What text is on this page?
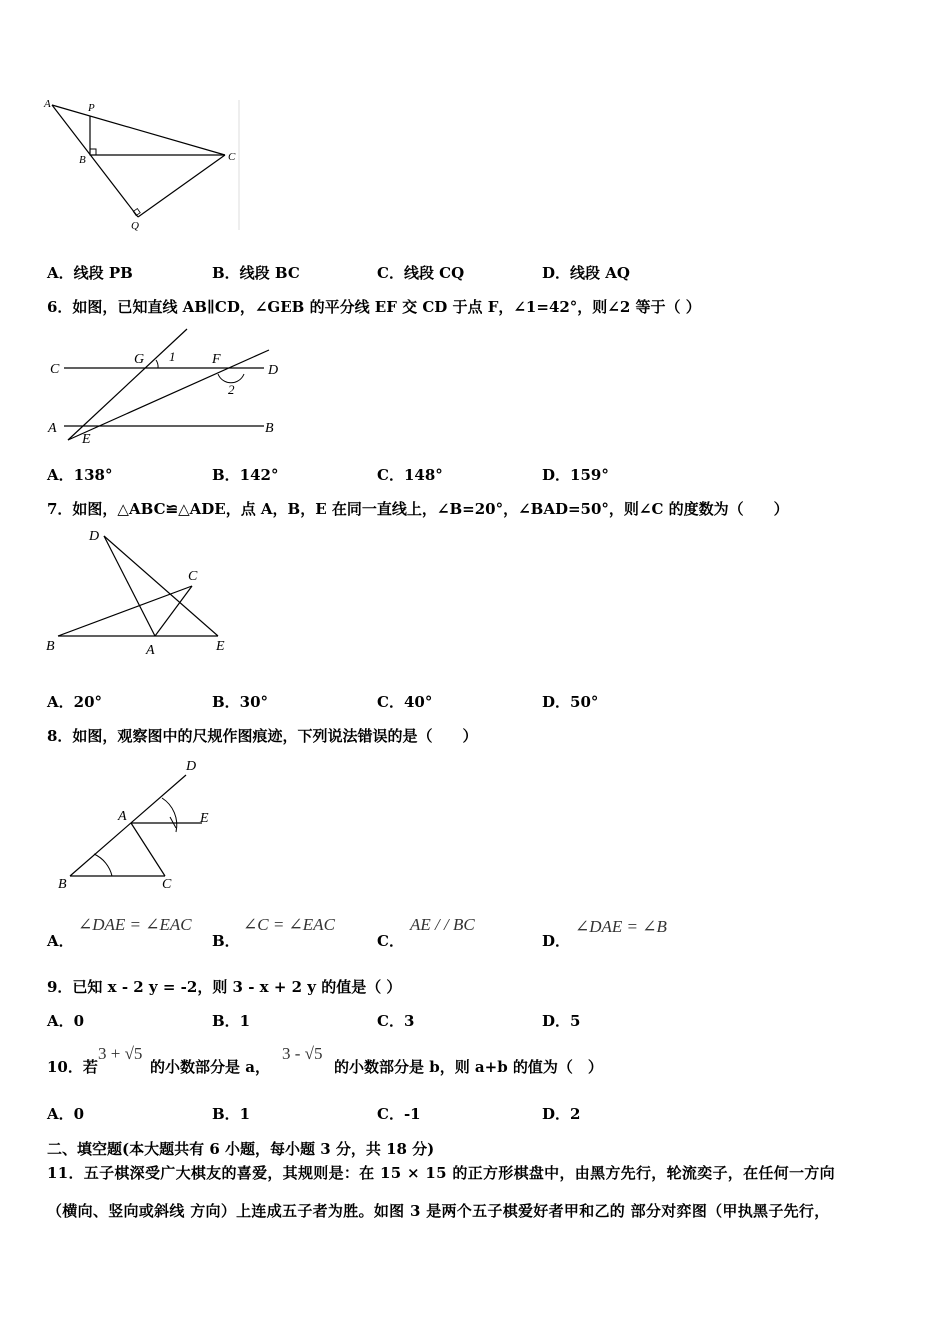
A	P
B	C
Q
A．线段 PB	B．线段 BC	C．线段 CQ	D．线段 AQ
6．如图，已知直线 AB∥CD，∠GEB 的平分线 EF 交 CD 于点 F，∠1=42°，则∠2 等于（ ）
C
G 1	F
D
2
A
E
B
A．138°	B．142°	C．148°	D．159°
7．如图，△ABC≌△ADE，点 A，B，E 在同一直线上，∠B=20°，∠BAD=50°，则∠C 的度数为（　　）
D
C
B	A	E
A．20°	B．30°	C．40°	D．50°
8．如图，观察图中的尺规作图痕迹，下列说法错误的是（　　）
D
A	E
B	C
A．
∠DAE = ∠EAC
B．
∠C = ∠EAC
C．
AE / / BC
D．
∠DAE = ∠B
9．已知 x - 2 y = -2，则 3 - x + 2 y 的值是（ ）
A．0	B．1	C．3	D．5
10．若
3 + √5
的小数部分是 a，
3 - √5
的小数部分是 b，则 a+b 的值为（　）
A．0	B．1	C．-1	D．2
二、填空题(本大题共有 6 小题，每小题 3 分，共 18 分)
11．五子棋深受广大棋友的喜爱，其规则是：在 15 × 15 的正方形棋盘中，由黑方先行，轮流奕子，在任何一方向
（横向、竖向或斜线 方向）上连成五子者为胜。如图 3 是两个五子棋爱好者甲和乙的 部分对弈图（甲执黑子先行，
